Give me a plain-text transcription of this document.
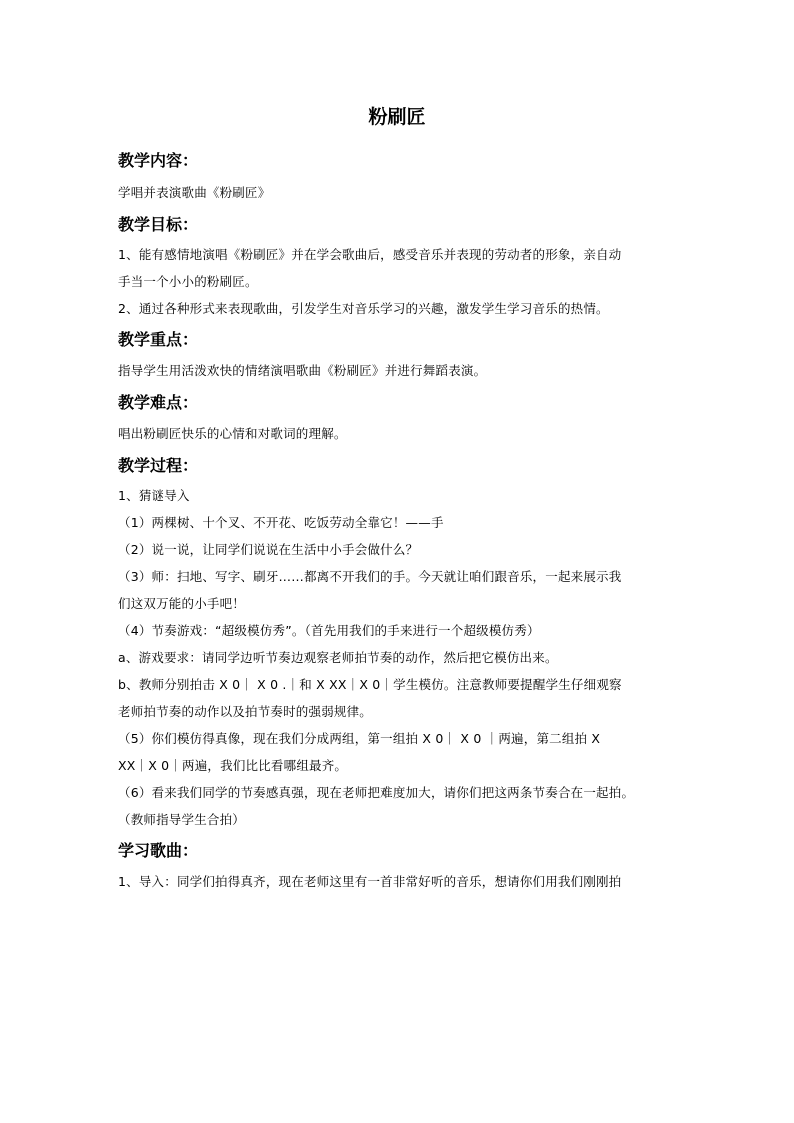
粉刷匠
教学内容：

学唱并表演歌曲《粉刷匠》

教学目标：

1、能有感情地演唱《粉刷匠》并在学会歌曲后，感受音乐并表现的劳动者的形象，亲自动

手当一个小小的粉刷匠。

2、通过各种形式来表现歌曲，引发学生对音乐学习的兴趣，激发学生学习音乐的热情。

教学重点：

指导学生用活泼欢快的情绪演唱歌曲《粉刷匠》并进行舞蹈表演。

教学难点：

唱出粉刷匠快乐的心情和对歌词的理解。

教学过程：

1、猜谜导入

（1）两棵树、十个叉、不开花、吃饭劳动全靠它！——手

（2）说一说，让同学们说说在生活中小手会做什么？

（3）师：扫地、写字、刷牙……都离不开我们的手。今天就让咱们跟音乐，一起来展示我

们这双万能的小手吧！

（4）节奏游戏：“超级模仿秀”。（首先用我们的手来进行一个超级模仿秀）

a、游戏要求：请同学边听节奏边观察老师拍节奏的动作，然后把它模仿出来。

b、教师分别拍击 X 0｜ X 0 .｜和 X XX｜X 0｜学生模仿。注意教师要提醒学生仔细观察

老师拍节奏的动作以及拍节奏时的强弱规律。

（5）你们模仿得真像，现在我们分成两组，第一组拍 X 0｜ X 0 ｜两遍，第二组拍 X

XX｜X 0｜两遍，我们比比看哪组最齐。

（6）看来我们同学的节奏感真强，现在老师把难度加大，请你们把这两条节奏合在一起拍。

（教师指导学生合拍）

学习歌曲：

1、导入：同学们拍得真齐，现在老师这里有一首非常好听的音乐，想请你们用我们刚刚拍
